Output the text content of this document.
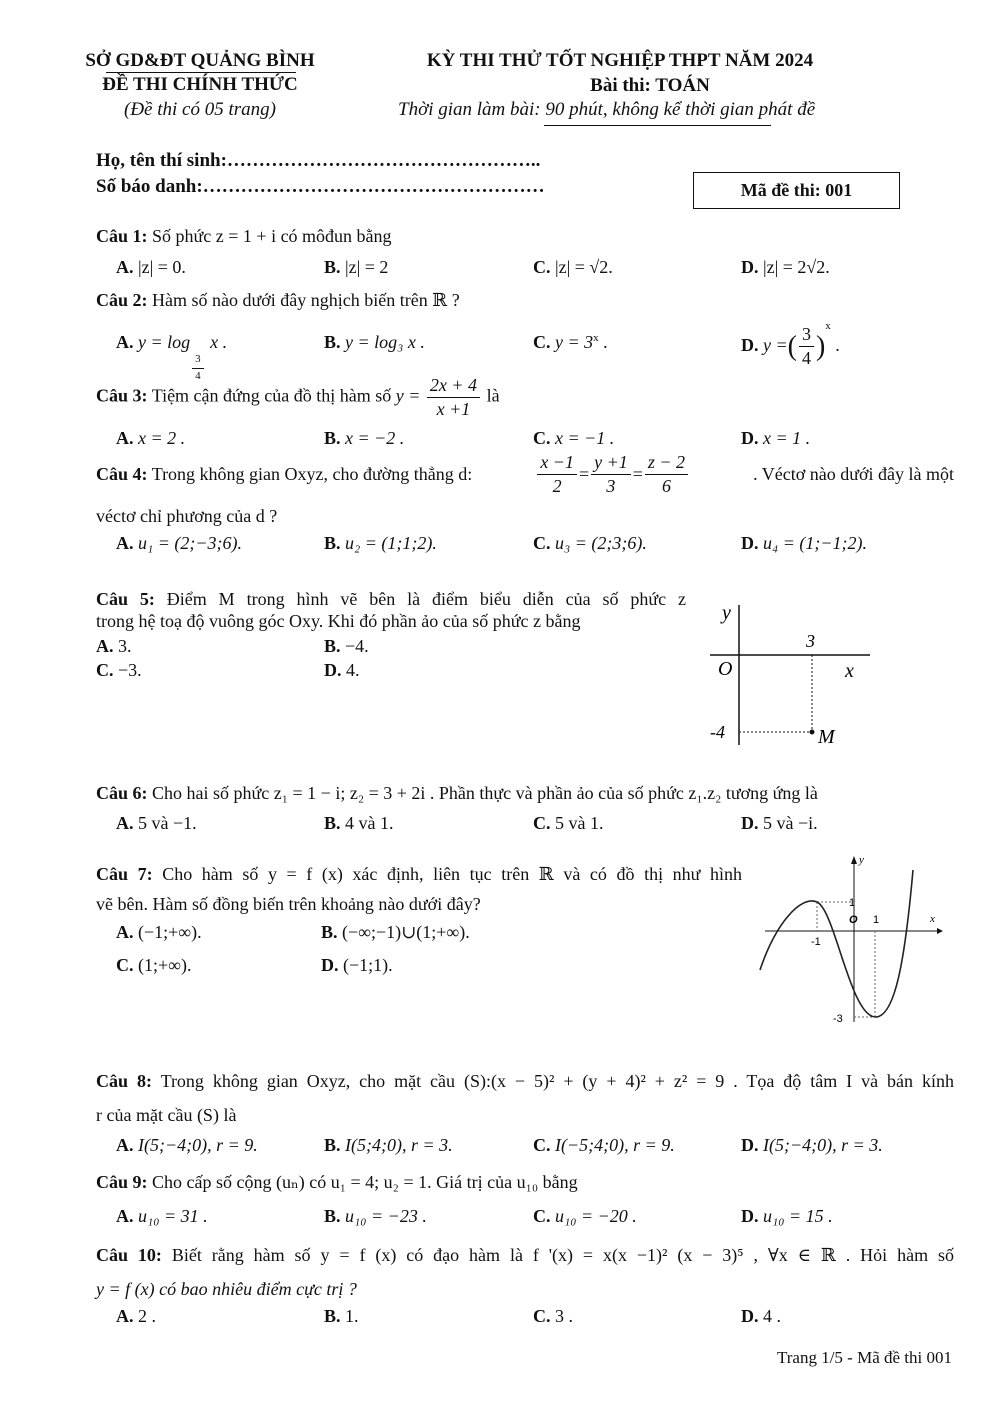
SỞ GD&ĐT QUẢNG BÌNH
ĐỀ THI CHÍNH THỨC
(Đề thi có 05 trang)
KỲ THI THỬ TỐT NGHIỆP THPT NĂM 2024
Bài thi: TOÁN
Thời gian làm bài: 90 phút, không kể thời gian phát đề
Họ, tên thí sinh:…………………………………………..
Số báo danh:………………………………………………	Mã đề thi: 001
Câu 1: Số phức z = 1 + i có môđun bằng
A. |z| = 0.	B. |z| = 2	C. |z| = √2.	D. |z| = 2√2.
Câu 2: Hàm số nào dưới đây nghịch biến trên ℝ ?
A. y = log
$\frac{3}{4}$
x .	B. y = log₃ x .	C. $y = 3^x$ .	D. y =( $\frac{3}{4} )^x$ .
Câu 3: Tiệm cận đứng của đồ thị hàm số $y = \frac{2x + 4}{x +1}$ là
A. x = 2 .	B. x = −2 .	C. x = −1 .	D. x = 1 .
Câu 4: Trong không gian Oxyz, cho đường thẳng d:	$\frac{x -1}{2} = \frac{y +1}{3} = \frac{z - 2}{6}$	. Véctơ nào dưới đây là một
véctơ chỉ phương của d ?
A. u₁ = (2;−3;6).	B. u₂ = (1;1;2).	C. u₃ = (2;3;6).	D. u₄ = (1;−1;2).
Câu 5: Điểm M trong hình vẽ bên là điểm biểu diễn của số phức z
trong hệ toạ độ vuông góc Oxy. Khi đó phần ảo của số phức z bằng
A. 3.	B. −4.
C. −3.	D. 4.
y
x
O
3
-4	M
Câu 6: Cho hai số phức z₁ = 1 − i; z₂ = 3 + 2i . Phần thực và phần ảo của số phức z₁.z₂ tương ứng là
A. 5 và −1.	B. 4 và 1.	C. 5 và 1.	D. 5 và −i.
Câu 7: Cho hàm số y = f (x) xác định, liên tục trên ℝ và có đồ thị như hình
vẽ bên. Hàm số đồng biến trên khoảng nào dưới đây?
A. (−1;+∞).	B. (−∞;−1)∪(1;+∞).
C. (1;+∞).	D. (−1;1).
y
x
O 1
1
-1
-3
Câu 8: Trong không gian Oxyz, cho mặt cầu (S):(x − 5)² + (y + 4)² + z² = 9 . Tọa độ tâm I và bán kính
r của mặt cầu (S) là
A. I(5;−4;0), r = 9.	B. I(5;4;0), r = 3.	C. I(−5;4;0), r = 9.	D. I(5;−4;0), r = 3.
Câu 9: Cho cấp số cộng (uₙ) có u₁ = 4; u₂ = 1. Giá trị của u₁₀ bằng
A. u₁₀ = 31 .	B. u₁₀ = −23 .	C. u₁₀ = −20 .	D. u₁₀ = 15 .
Câu 10: Biết rằng hàm số y = f (x) có đạo hàm là f '(x) = x(x −1)² (x − 3)⁵ , ∀x ∈ ℝ . Hỏi hàm số
y = f (x) có bao nhiêu điểm cực trị ?
A. 2 .	B. 1.	C. 3 .	D. 4 .
Trang 1/5 - Mã đề thi 001
